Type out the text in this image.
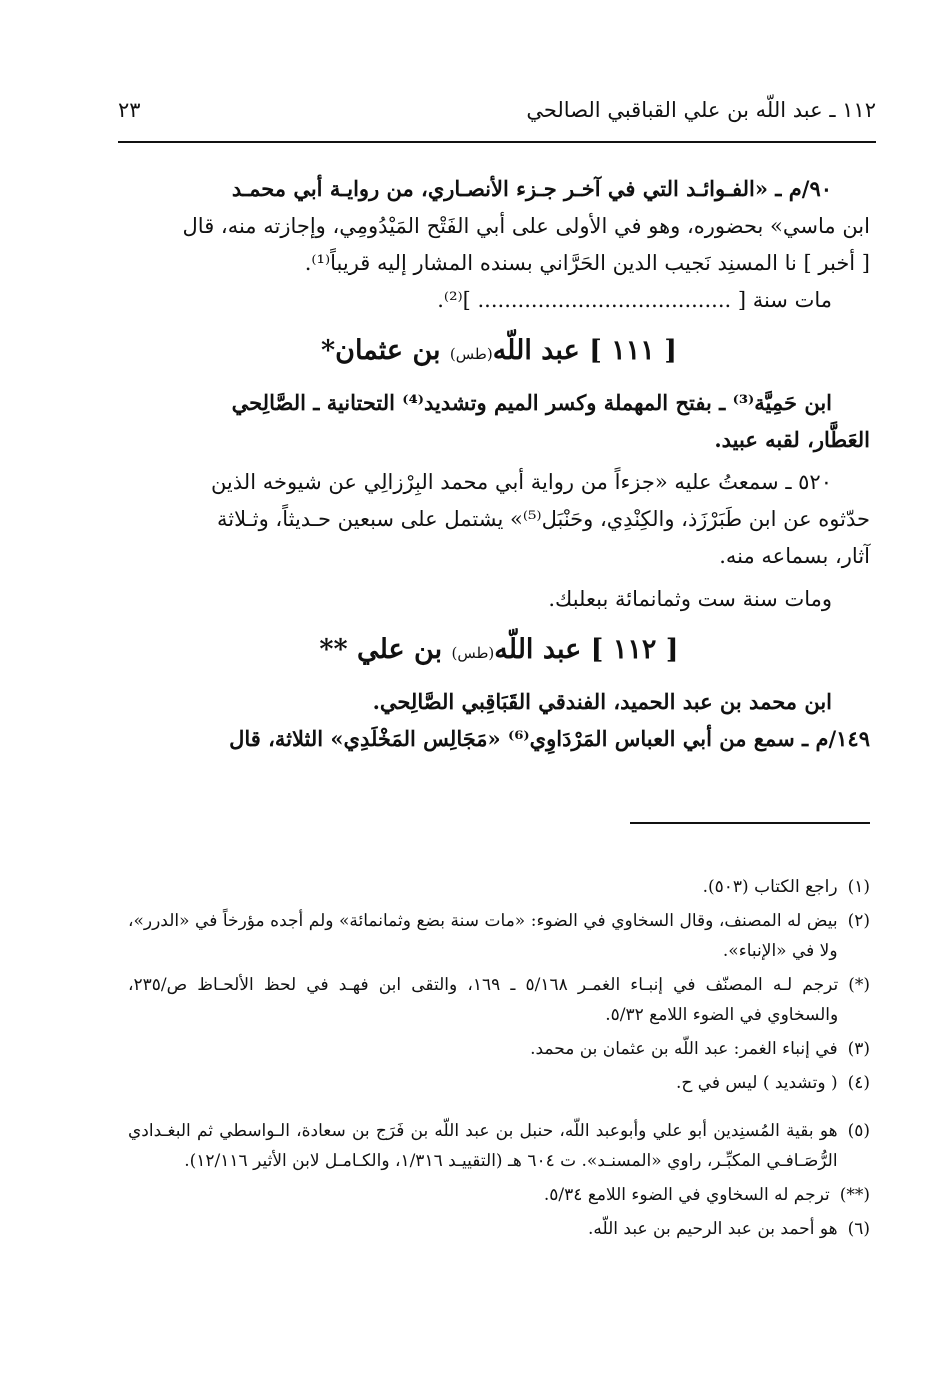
١١٢ ـ عبد اللّه بن علي القباقبي الصالحي
٢٣

٩٠/م ـ «الفـوائـد التي في آخـر جـزء الأنصـاري، من روايـة أبي محمـد
ابن ماسي» بحضوره، وهو في الأولى على أبي الفَتْح المَيْدُومِي، وإجازته منه، قال
[ أخبر ] نا المسنِد نَجيب الدين الحَرَّاني بسنده المشار إليه قريباً⁽¹⁾.
مات سنة [ ...................................... ]⁽²⁾.

[ ١١١ ] عبد اللّه(طس) بن عثمان*

ابن حَمِيَّة⁽³⁾ ـ بفتح المهملة وكسر الميم وتشديد⁽⁴⁾ التحتانية ـ الصَّالِحي
العَطَّار، لقبه عبيد.

٥٢٠ ـ سمعتُ عليه «جزءاً من رواية أبي محمد البِرْزالِي عن شيوخه الذين
حدّثوه عن ابن طَبَرْزَذ، والكِنْدِي، وحَنْبَل⁽⁵⁾» يشتمل على سبعين حـديثاً، وثـلاثة
آثار، بسماعه منه.

ومات سنة ست وثمانمائة ببعلبك.

[ ١١٢ ] عبد اللّه(طس) بن علي **

ابن محمد بن عبد الحميد، الفندقي القَبَاقِبي الصَّالِحي.
١٤٩/م ـ سمع من أبي العباس المَرْدَاوِي⁽⁶⁾ «مَجَالِس المَخْلَدِي» الثلاثة، قال

(١)
راجع الكتاب (٥٠٣).
(٢)
بيض له المصنف، وقال السخاوي في الضوء: «مات سنة بضع وثمانمائة» ولم أجده مؤرخاً في «الدرر»، ولا في «الإنباء».
(*)
ترجم لـه المصنّف في إنبـاء الغمـر ٥/١٦٨ ـ ١٦٩، والتقى ابن فهـد في لحظ الألحـاظ ص/٢٣٥، والسخاوي في الضوء اللامع ٥/٣٢.
(٣)
في إنباء الغمر: عبد اللّه بن عثمان بن محمد.
(٤)
( وتشديد ) ليس في ح.
(٥)
هو بقية المُسنِدين أبو علي وأبوعبد اللّه، حنبل بن عبد اللّه بن فَرَج بن سعادة، الـواسطي ثم البغـدادي الرُّصَـافـي المكبِّـر، راوي «المسنـد». ت ٦٠٤ هـ (التقييـد ١/٣١٦، والكـامـل لابن الأثير ١٢/١١٦).
(**)
ترجم له السخاوي في الضوء اللامع ٥/٣٤.
(٦)
هو أحمد بن عبد الرحيم بن عبد اللّه.
